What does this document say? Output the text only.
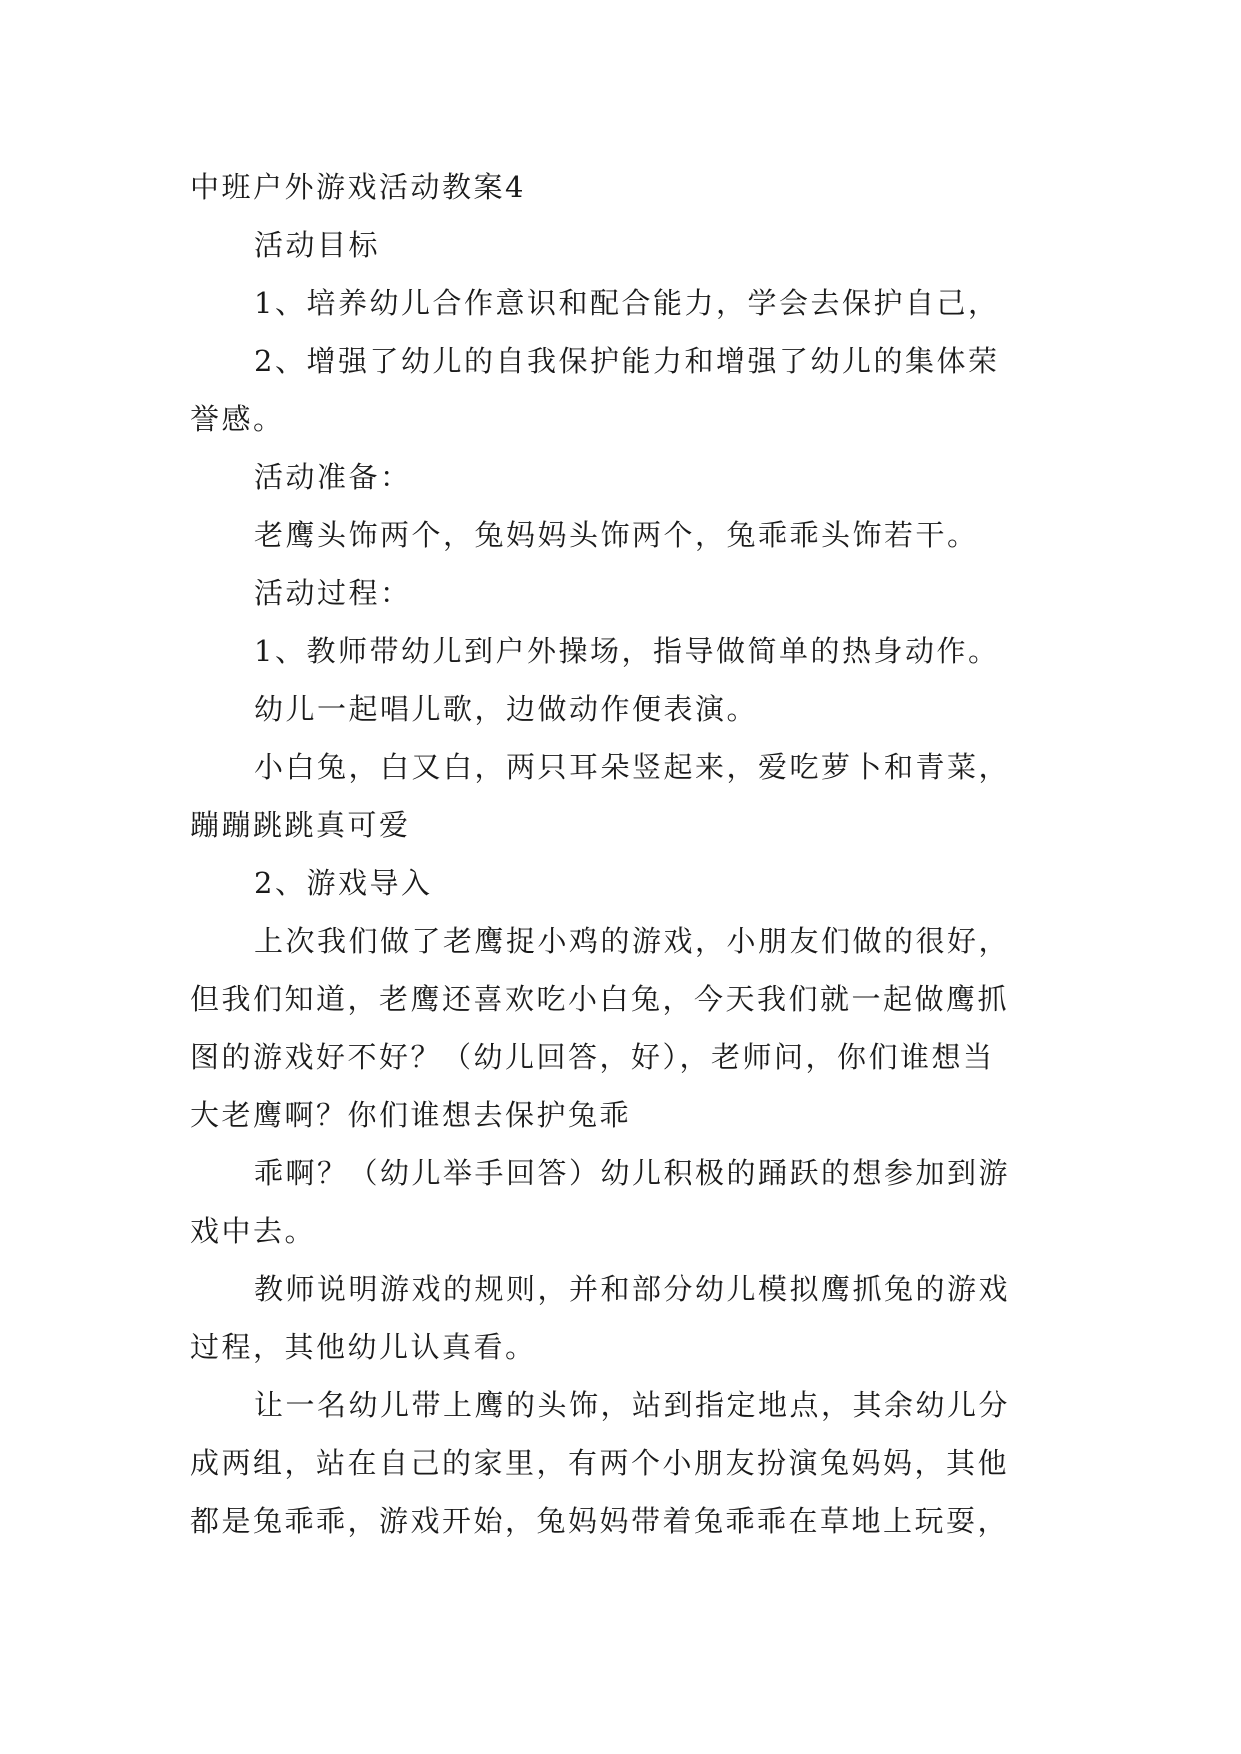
中班户外游戏活动教案4

活动目标

1、培养幼儿合作意识和配合能力，学会去保护自己，

2、增强了幼儿的自我保护能力和增强了幼儿的集体荣

誉感。

活动准备：

老鹰头饰两个，兔妈妈头饰两个，兔乖乖头饰若干。

活动过程：

1、教师带幼儿到户外操场，指导做简单的热身动作。

幼儿一起唱儿歌，边做动作便表演。

小白兔，白又白，两只耳朵竖起来，爱吃萝卜和青菜，

蹦蹦跳跳真可爱

2、游戏导入

上次我们做了老鹰捉小鸡的游戏，小朋友们做的很好，

但我们知道，老鹰还喜欢吃小白兔，今天我们就一起做鹰抓

图的游戏好不好？（幼儿回答，好），老师问，你们谁想当

大老鹰啊？你们谁想去保护兔乖

乖啊？（幼儿举手回答）幼儿积极的踊跃的想参加到游

戏中去。

教师说明游戏的规则，并和部分幼儿模拟鹰抓兔的游戏

过程，其他幼儿认真看。

让一名幼儿带上鹰的头饰，站到指定地点，其余幼儿分

成两组，站在自己的家里，有两个小朋友扮演兔妈妈，其他

都是兔乖乖，游戏开始，兔妈妈带着兔乖乖在草地上玩耍，
